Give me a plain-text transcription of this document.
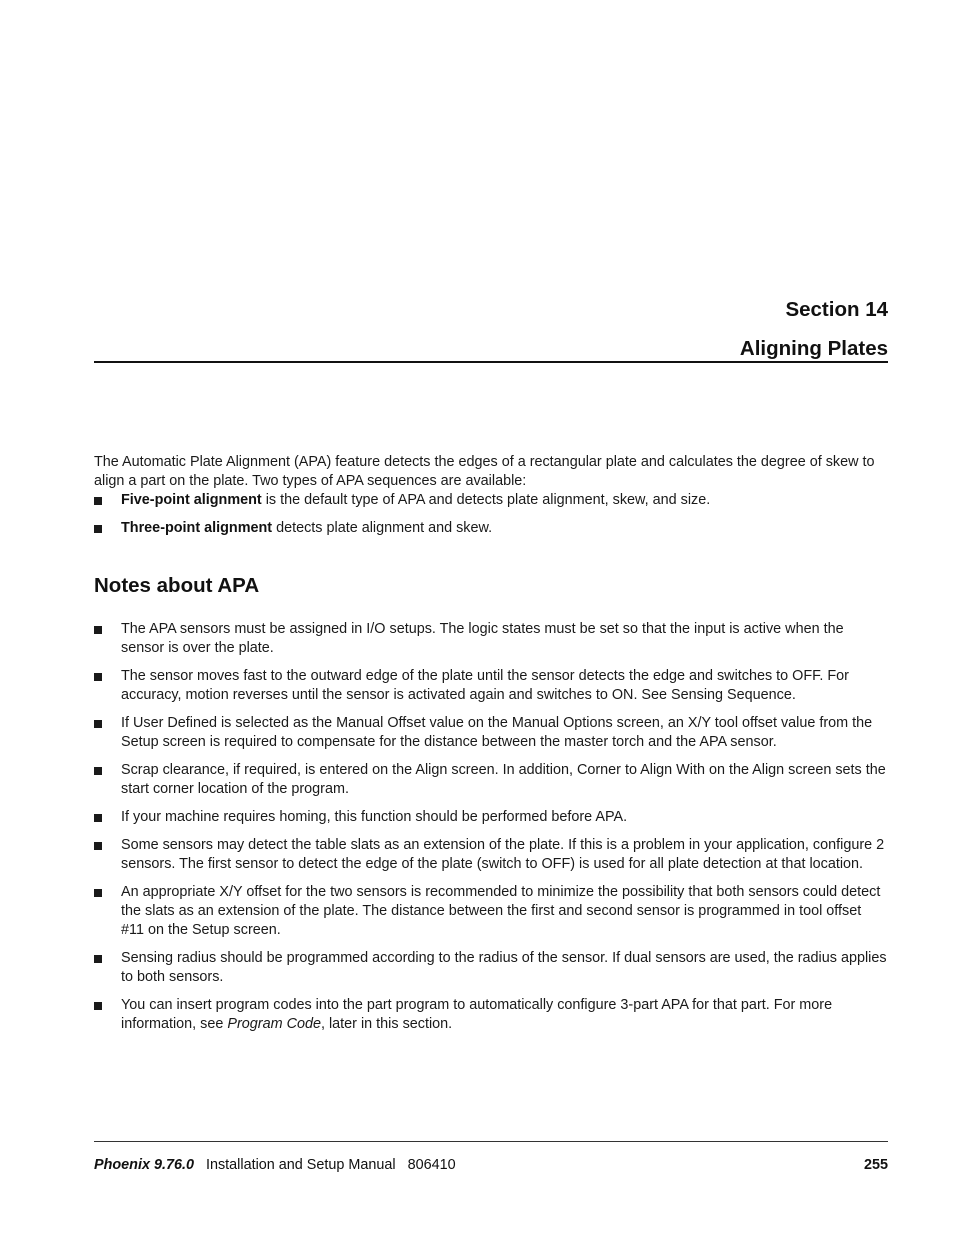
Section 14
Aligning Plates

The Automatic Plate Alignment (APA) feature detects the edges of a rectangular plate and calculates the degree of skew to align a part on the plate. Two types of APA sequences are available:

Five-point alignment is the default type of APA and detects plate alignment, skew, and size.
Three-point alignment detects plate alignment and skew.
Notes about APA
The APA sensors must be assigned in I/O setups. The logic states must be set so that the input is active when the sensor is over the plate.
The sensor moves fast to the outward edge of the plate until the sensor detects the edge and switches to OFF. For accuracy, motion reverses until the sensor is activated again and switches to ON. See Sensing Sequence.
If User Defined is selected as the Manual Offset value on the Manual Options screen, an X/Y tool offset value from the Setup screen is required to compensate for the distance between the master torch and the APA sensor.
Scrap clearance, if required, is entered on the Align screen. In addition, Corner to Align With on the Align screen sets the start corner location of the program.
If your machine requires homing, this function should be performed before APA.
Some sensors may detect the table slats as an extension of the plate. If this is a problem in your application, configure 2 sensors. The first sensor to detect the edge of the plate (switch to OFF) is used for all plate detection at that location.
An appropriate X/Y offset for the two sensors is recommended to minimize the possibility that both sensors could detect the slats as an extension of the plate. The distance between the first and second sensor is programmed in tool offset #11 on the Setup screen.
Sensing radius should be programmed according to the radius of the sensor. If dual sensors are used, the radius applies to both sensors.
You can insert program codes into the part program to automatically configure 3-part APA for that part. For more information, see Program Code, later in this section.
Phoenix 9.76.0 Installation and Setup Manual 806410	255
